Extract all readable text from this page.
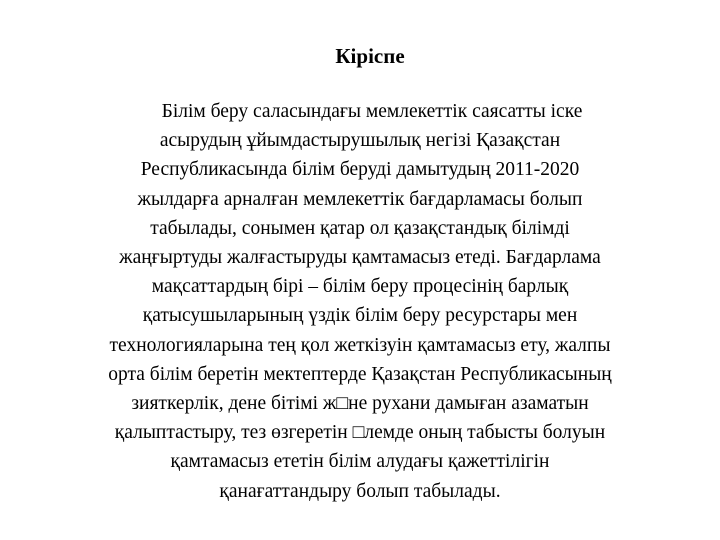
Кіріспе

Білім беру саласындағы мемлекеттік саясатты іске
асырудың ұйымдастырушылық негізі Қазақстан
Республикасында білім беруді дамытудың 2011-2020
жылдарға арналған мемлекеттік бағдарламасы болып
табылады, сонымен қатар ол қазақстандық білімді
жаңғыртуды жалғастыруды қамтамасыз етеді. Бағдарлама
мақсаттардың бірі – білім беру процесінің барлық
қатысушыларының үздік білім беру ресурстары мен
технологияларына тең қол жеткізуін қамтамасыз ету, жалпы
орта білім беретін мектептерде Қазақстан Республикасының
зияткерлік, дене бітімі ж□не рухани дамыған азаматын
қалыптастыру, тез өзгеретін □лемде оның табысты болуын
қамтамасыз ететін білім алудағы қажеттілігін
қанағаттандыру болып табылады.
